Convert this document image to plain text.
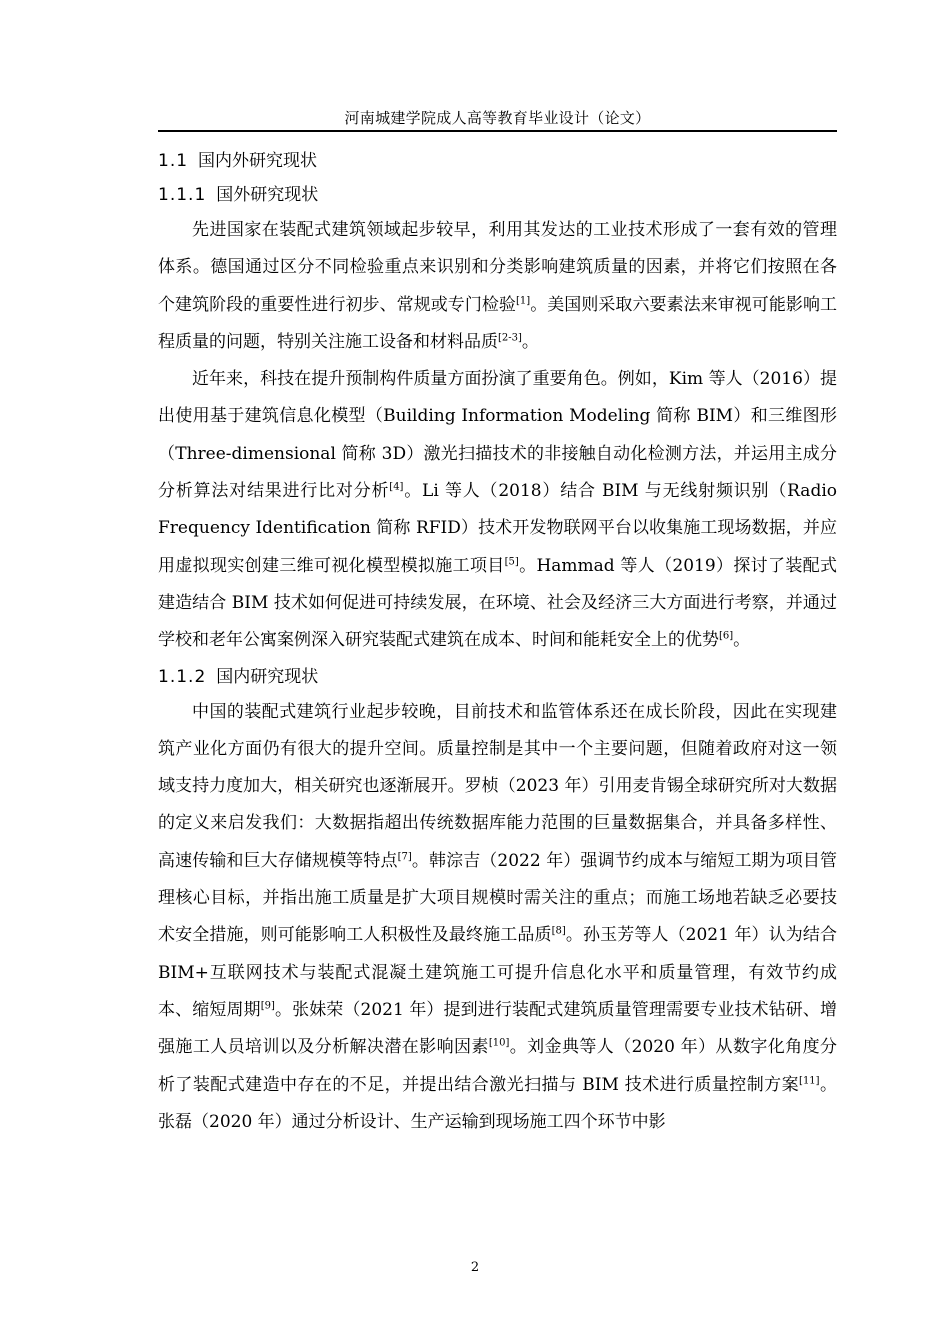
河南城建学院成人高等教育毕业设计（论文）
1.1 国内外研究现状
1.1.1 国外研究现状

先进国家在装配式建筑领域起步较早，利用其发达的工业技术形成了一套有效的管理体系。德国通过区分不同检验重点来识别和分类影响建筑质量的因素，并将它们按照在各个建筑阶段的重要性进行初步、常规或专门检验[1]。美国则采取六要素法来审视可能影响工程质量的问题，特别关注施工设备和材料品质[2-3]。

近年来，科技在提升预制构件质量方面扮演了重要角色。例如，Kim 等人（2016）提出使用基于建筑信息化模型（Building Information Modeling 简称 BIM）和三维图形（Three-dimensional 简称 3D）激光扫描技术的非接触自动化检测方法，并运用主成分分析算法对结果进行比对分析[4]。Li 等人（2018）结合 BIM 与无线射频识别（Radio Frequency Identification 简称 RFID）技术开发物联网平台以收集施工现场数据，并应用虚拟现实创建三维可视化模型模拟施工项目[5]。Hammad 等人（2019）探讨了装配式建造结合 BIM 技术如何促进可持续发展，在环境、社会及经济三大方面进行考察，并通过学校和老年公寓案例深入研究装配式建筑在成本、时间和能耗安全上的优势[6]。

1.1.2 国内研究现状

中国的装配式建筑行业起步较晚，目前技术和监管体系还在成长阶段，因此在实现建筑产业化方面仍有很大的提升空间。质量控制是其中一个主要问题，但随着政府对这一领域支持力度加大，相关研究也逐渐展开。罗桢（2023 年）引用麦肯锡全球研究所对大数据的定义来启发我们：大数据指超出传统数据库能力范围的巨量数据集合，并具备多样性、高速传输和巨大存储规模等特点[7]。韩淙吉（2022 年）强调节约成本与缩短工期为项目管理核心目标，并指出施工质量是扩大项目规模时需关注的重点；而施工场地若缺乏必要技术安全措施，则可能影响工人积极性及最终施工品质[8]。孙玉芳等人（2021 年）认为结合 BIM+互联网技术与装配式混凝土建筑施工可提升信息化水平和质量管理，有效节约成本、缩短周期[9]。张妹荣（2021 年）提到进行装配式建筑质量管理需要专业技术钻研、增强施工人员培训以及分析解决潜在影响因素[10]。刘金典等人（2020 年）从数字化角度分析了装配式建造中存在的不足，并提出结合激光扫描与 BIM 技术进行质量控制方案[11]。张磊（2020 年）通过分析设计、生产运输到现场施工四个环节中影

2
